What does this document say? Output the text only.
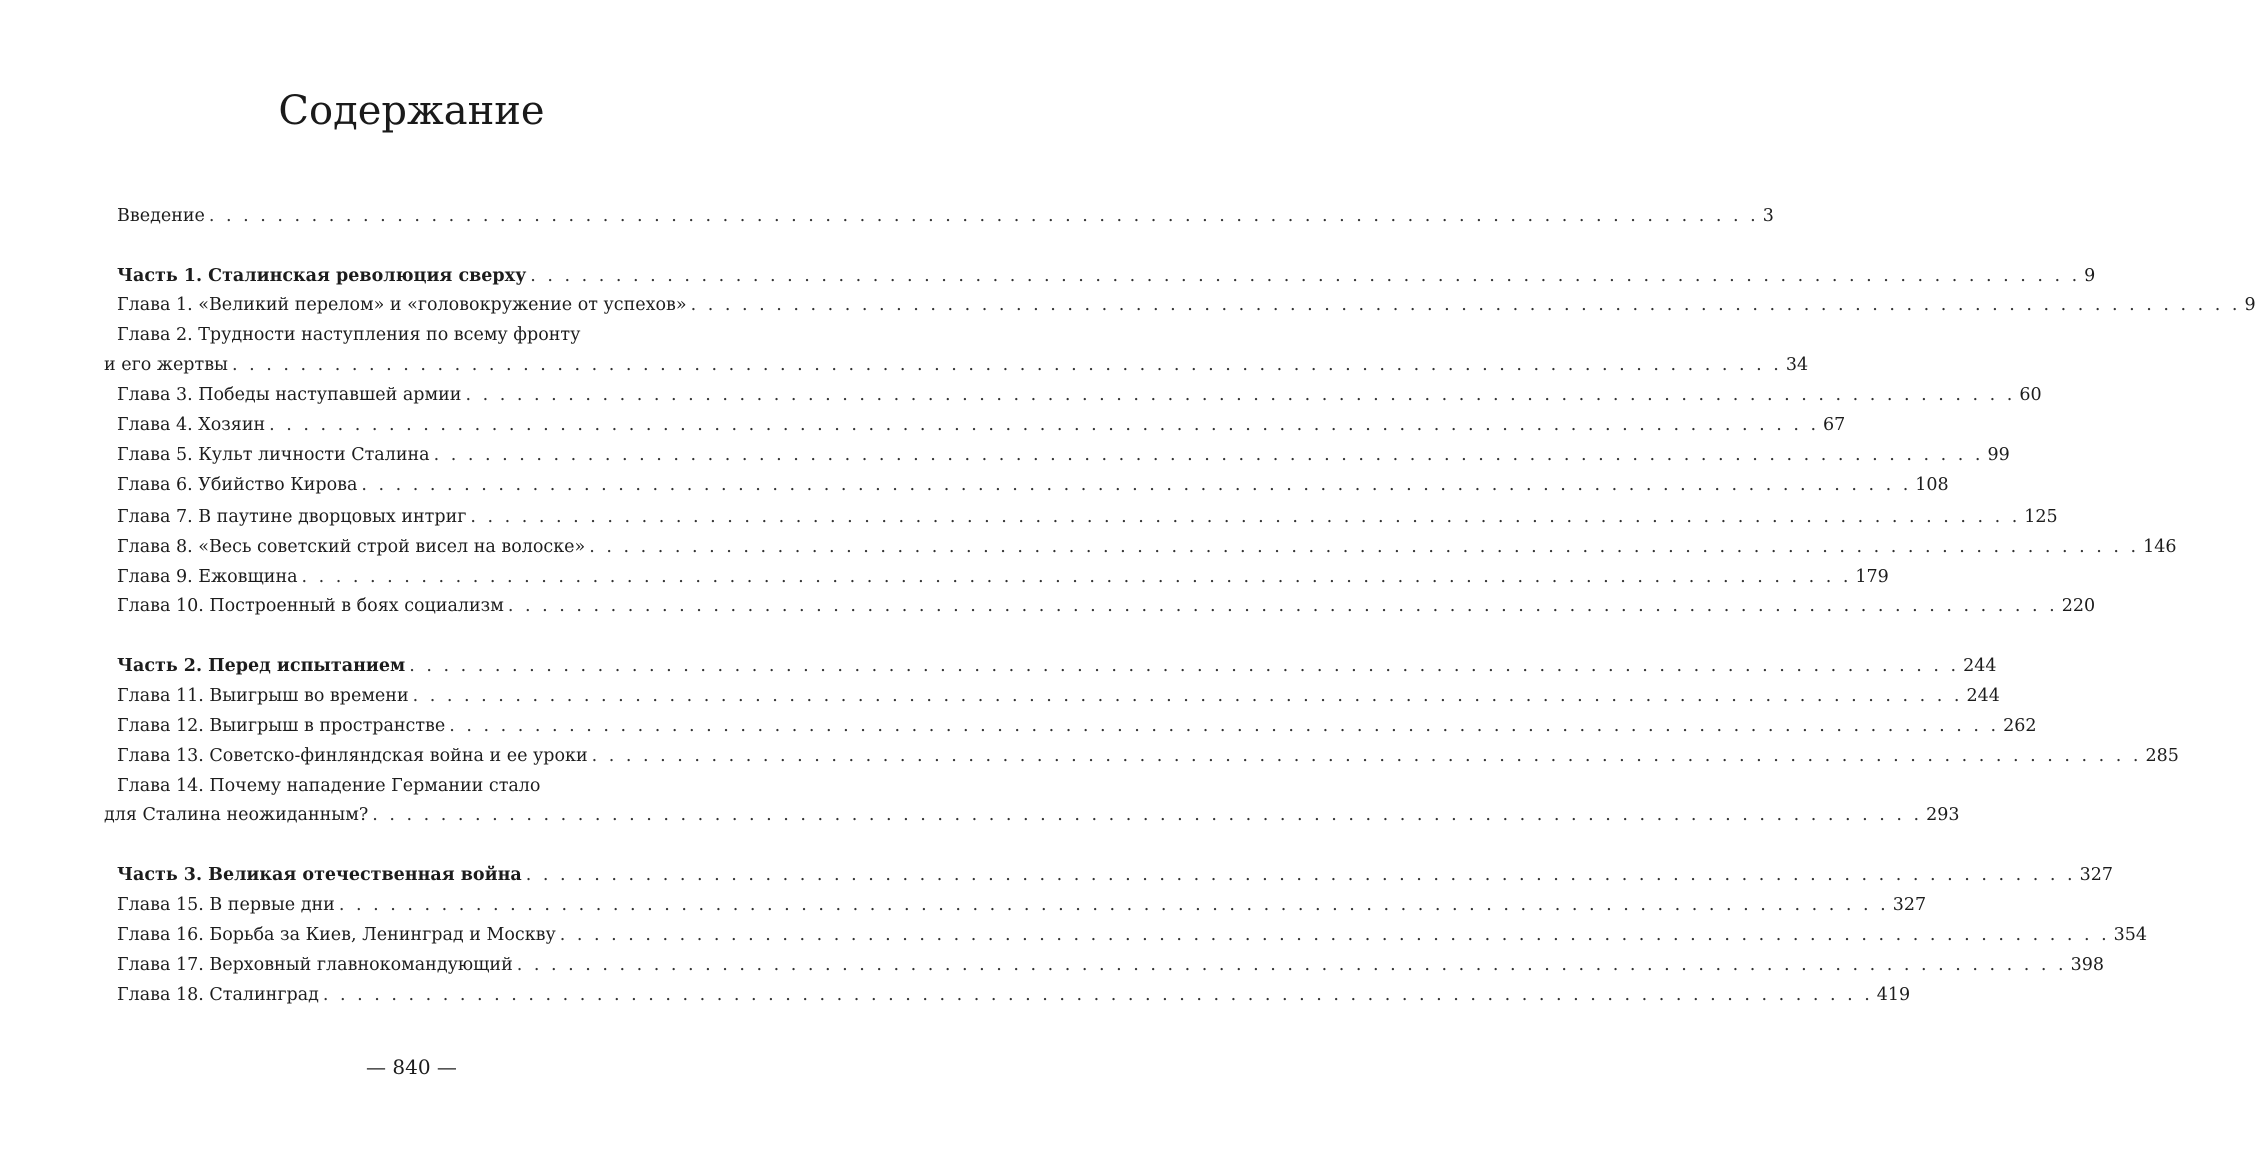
Содержание
Введение . . . . . . . . . . . . . . . . . . . . . . . . . . . . . . . . . . . . . . . . . . . . . . . . . . . . . . . . . . . . . . . . . . . . . . . . . . . . . . . . . . . . . . . . . . . 3
Часть 1. Сталинская революция сверху . . . . . . . . . . . . . . . . . . . . . . . . . . . . . . . . . . . . . . . . . . . . . . . . . . . . . . . . . . . . . . . . . . . . . . . . . . . . . . . . . . . . . . . . . . . 9
Глава 1. «Великий перелом» и «головокружение от успехов» . . . . . . . . . . . . . . . . . . . . . . . . . . . . . . . . . . . . . . . . . . . . . . . . . . . . . . . . . . . . . . . . . . . . . . . . . . . . . . . . . . . . . . . . . . . 9
Глава 2. Трудности наступления по всему фронту
и его жертвы . . . . . . . . . . . . . . . . . . . . . . . . . . . . . . . . . . . . . . . . . . . . . . . . . . . . . . . . . . . . . . . . . . . . . . . . . . . . . . . . . . . . . . . . . . . 34
Глава 3. Победы наступавшей армии . . . . . . . . . . . . . . . . . . . . . . . . . . . . . . . . . . . . . . . . . . . . . . . . . . . . . . . . . . . . . . . . . . . . . . . . . . . . . . . . . . . . . . . . . . . 60
Глава 4. Хозяин . . . . . . . . . . . . . . . . . . . . . . . . . . . . . . . . . . . . . . . . . . . . . . . . . . . . . . . . . . . . . . . . . . . . . . . . . . . . . . . . . . . . . . . . . . . 67
Глава 5. Культ личности Сталина . . . . . . . . . . . . . . . . . . . . . . . . . . . . . . . . . . . . . . . . . . . . . . . . . . . . . . . . . . . . . . . . . . . . . . . . . . . . . . . . . . . . . . . . . . . 99
Глава 6. Убийство Кирова . . . . . . . . . . . . . . . . . . . . . . . . . . . . . . . . . . . . . . . . . . . . . . . . . . . . . . . . . . . . . . . . . . . . . . . . . . . . . . . . . . . . . . . . . . . 108
Глава 7. В паутине дворцовых интриг . . . . . . . . . . . . . . . . . . . . . . . . . . . . . . . . . . . . . . . . . . . . . . . . . . . . . . . . . . . . . . . . . . . . . . . . . . . . . . . . . . . . . . . . . . . 125
Глава 8. «Весь советский строй висел на волоске» . . . . . . . . . . . . . . . . . . . . . . . . . . . . . . . . . . . . . . . . . . . . . . . . . . . . . . . . . . . . . . . . . . . . . . . . . . . . . . . . . . . . . . . . . . . 146
Глава 9. Ежовщина . . . . . . . . . . . . . . . . . . . . . . . . . . . . . . . . . . . . . . . . . . . . . . . . . . . . . . . . . . . . . . . . . . . . . . . . . . . . . . . . . . . . . . . . . . . 179
Глава 10. Построенный в боях социализм . . . . . . . . . . . . . . . . . . . . . . . . . . . . . . . . . . . . . . . . . . . . . . . . . . . . . . . . . . . . . . . . . . . . . . . . . . . . . . . . . . . . . . . . . . . 220
Часть 2. Перед испытанием . . . . . . . . . . . . . . . . . . . . . . . . . . . . . . . . . . . . . . . . . . . . . . . . . . . . . . . . . . . . . . . . . . . . . . . . . . . . . . . . . . . . . . . . . . . 244
Глава 11. Выигрыш во времени . . . . . . . . . . . . . . . . . . . . . . . . . . . . . . . . . . . . . . . . . . . . . . . . . . . . . . . . . . . . . . . . . . . . . . . . . . . . . . . . . . . . . . . . . . . 244
Глава 12. Выигрыш в пространстве . . . . . . . . . . . . . . . . . . . . . . . . . . . . . . . . . . . . . . . . . . . . . . . . . . . . . . . . . . . . . . . . . . . . . . . . . . . . . . . . . . . . . . . . . . . 262
Глава 13. Советско-финляндская война и ее уроки . . . . . . . . . . . . . . . . . . . . . . . . . . . . . . . . . . . . . . . . . . . . . . . . . . . . . . . . . . . . . . . . . . . . . . . . . . . . . . . . . . . . . . . . . . . 285
Глава 14. Почему нападение Германии стало
для Сталина неожиданным? . . . . . . . . . . . . . . . . . . . . . . . . . . . . . . . . . . . . . . . . . . . . . . . . . . . . . . . . . . . . . . . . . . . . . . . . . . . . . . . . . . . . . . . . . . . 293
Часть 3. Великая отечественная война . . . . . . . . . . . . . . . . . . . . . . . . . . . . . . . . . . . . . . . . . . . . . . . . . . . . . . . . . . . . . . . . . . . . . . . . . . . . . . . . . . . . . . . . . . . 327
Глава 15. В первые дни . . . . . . . . . . . . . . . . . . . . . . . . . . . . . . . . . . . . . . . . . . . . . . . . . . . . . . . . . . . . . . . . . . . . . . . . . . . . . . . . . . . . . . . . . . . 327
Глава 16. Борьба за Киев, Ленинград и Москву . . . . . . . . . . . . . . . . . . . . . . . . . . . . . . . . . . . . . . . . . . . . . . . . . . . . . . . . . . . . . . . . . . . . . . . . . . . . . . . . . . . . . . . . . . . 354
Глава 17. Верховный главнокомандующий . . . . . . . . . . . . . . . . . . . . . . . . . . . . . . . . . . . . . . . . . . . . . . . . . . . . . . . . . . . . . . . . . . . . . . . . . . . . . . . . . . . . . . . . . . . 398
Глава 18. Сталинград . . . . . . . . . . . . . . . . . . . . . . . . . . . . . . . . . . . . . . . . . . . . . . . . . . . . . . . . . . . . . . . . . . . . . . . . . . . . . . . . . . . . . . . . . . . 419
— 840 —
